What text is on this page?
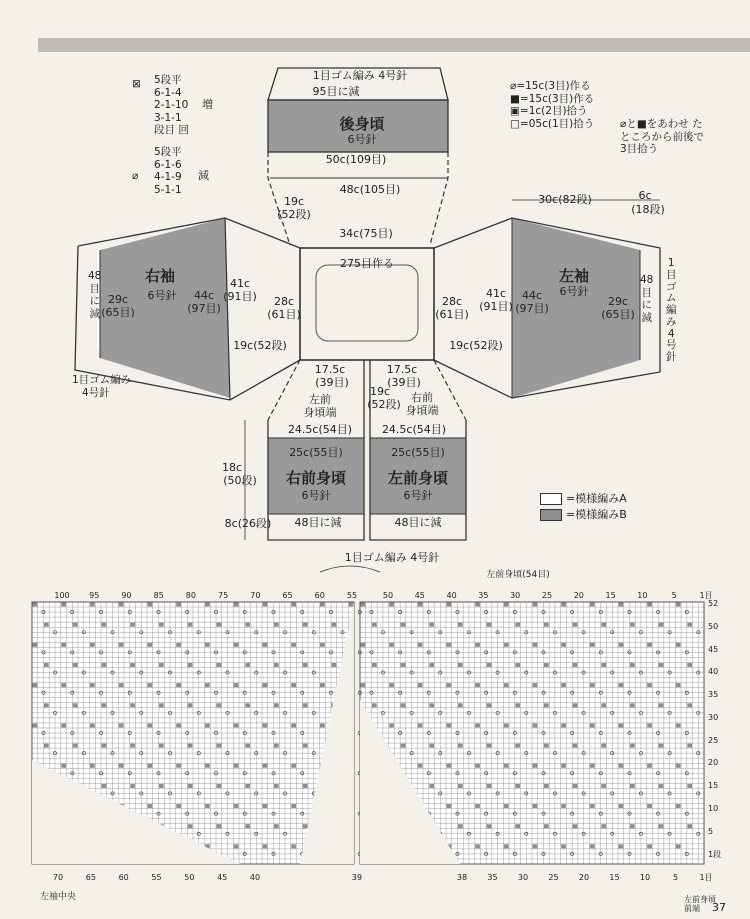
⊠ 5段平
6-1-4
2-1-10
3-1-1
段目 回
増
⌀
5段平
6-1-6
4-1-9
5-1-1
減
⌀=15c(3目)作る
■=15c(3目)作る
▣=1c(2目)拾う
□=05c(1目)拾う ⌀と■をあわせ た
ところから前後で
3目拾う
1目ゴム編み 4号針
95目に減
後身頃
6号針
50c(109目)
48c(105目)
19c
(52段)
34c(75目)
275目作る
28c
(61目)
28c
(61目)
右袖
6号針
29c
(65目)
44c
(97目)
48
目
に
減
41c
(91目)
19c(52段)
1目ゴム編み
4号針
左袖
6号針
29c
(65目)
44c
(97目)
41c
(91目)
48
目
に
減
1
目
ゴ
ム
編
み
4
号
針
19c(52段)
30c(82段)	6c
(18段)
17.5c
(39目)
左前
身頃端
24.5c(54目)
25c(55目)
右前身頃
6号針
48目に減
18c
(50段)
8c(26段)
17.5c
(39目)
19c
(52段)
右前
身頃端
24.5c(54目)
25c(55目)
左前身頃
6号針
48目に減
1目ゴム編み 4号針
=模様編みA
=模様編みB
左前身頃(54目)
100 95	90	85	80	75	70	65	60	55	50	45	40	35	30	25	20	15	10	5	1目
70	65	60	55	50	45	40	38	35	30	25	20	15	10	5	1目
39
52
50
45
40
35
30
25
20
15
10
5
1段
左袖中央	左前身頃
前端	37
